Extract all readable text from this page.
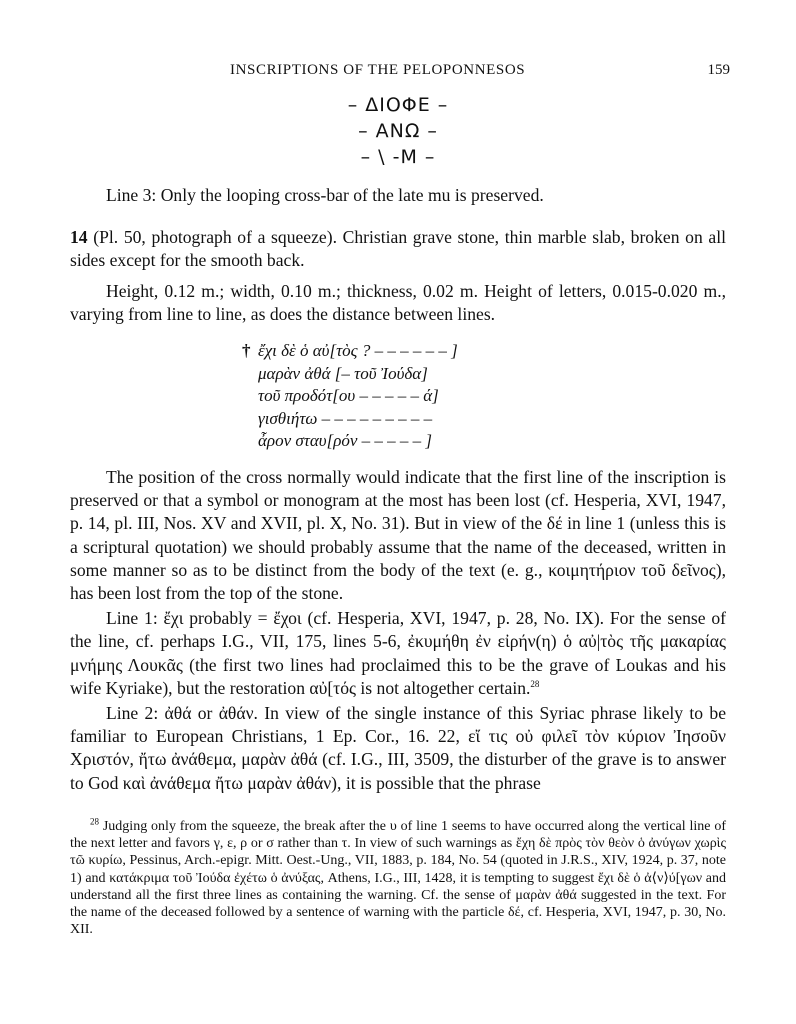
INSCRIPTIONS OF THE PELOPONNESOS	159
– ΔΙΟΦΕ –
– ΑΝΩ –
– \ -Μ –

Line 3: Only the looping cross-bar of the late mu is preserved.

14 (Pl. 50, photograph of a squeeze). Christian grave stone, thin marble slab, broken on all sides except for the smooth back.

Height, 0.12 m.; width, 0.10 m.; thickness, 0.02 m. Height of letters, 0.015-0.020 m., varying from line to line, as does the distance between lines.

† ἔχι δὲ ὁ αὐ[τὸς ? – – – – – – ]
μαρὰν ἀθά [– τοῦ Ἰούδα]
τοῦ προδότ[ου – – – – – ά]
γισθιήτω – – – – – – – – –
ἆρον σταυ[ρόν – – – – – ]

The position of the cross normally would indicate that the first line of the inscription is preserved or that a symbol or monogram at the most has been lost (cf. Hesperia, XVI, 1947, p. 14, pl. III, Nos. XV and XVII, pl. X, No. 31). But in view of the δέ in line 1 (unless this is a scriptural quotation) we should probably assume that the name of the deceased, written in some manner so as to be distinct from the body of the text (e. g., κοιμητήριον τοῦ δεῖνος), has been lost from the top of the stone.

Line 1: ἔχι probably = ἔχοι (cf. Hesperia, XVI, 1947, p. 28, No. IX). For the sense of the line, cf. perhaps I.G., VII, 175, lines 5-6, ἐκυμήθη ἐν εἰρήν(η) ὁ αὐ|τὸς τῆς μακαρίας μνήμης Λουκᾶς (the first two lines had proclaimed this to be the grave of Loukas and his wife Kyriake), but the restoration αὐ[τός is not altogether certain.$^{28}$

Line 2: ἀθά or ἀθάν. In view of the single instance of this Syriac phrase likely to be familiar to European Christians, 1 Ep. Cor., 16. 22, εἴ τις οὐ φιλεῖ τὸν κύριον Ἰησοῦν Χριστόν, ἤτω ἀνάθεμα, μαρὰν ἀθά (cf. I.G., III, 3509, the disturber of the grave is to answer to God καὶ ἀνάθεμα ἤτω μαρὰν ἀθάν), it is possible that the phrase

$^{28}$ Judging only from the squeeze, the break after the υ of line 1 seems to have occurred along the vertical line of the next letter and favors γ, ε, ρ or σ rather than τ. In view of such warnings as ἔχη δὲ πρὸς τὸν θεὸν ὁ ἀνύγων χωρὶς τῶ κυρίω, Pessinus, Arch.-epigr. Mitt. Oest.-Ung., VII, 1883, p. 184, No. 54 (quoted in J.R.S., XIV, 1924, p. 37, note 1) and κατάκριμα τοῦ Ἰούδα ἐχέτω ὁ ἀνύξας, Athens, I.G., III, 1428, it is tempting to suggest ἔχι δὲ ὁ ἀ⟨ν⟩ύ[γων and understand all the first three lines as containing the warning. Cf. the sense of μαρὰν ἀθά suggested in the text. For the name of the deceased followed by a sentence of warning with the particle δέ, cf. Hesperia, XVI, 1947, p. 30, No. XII.
